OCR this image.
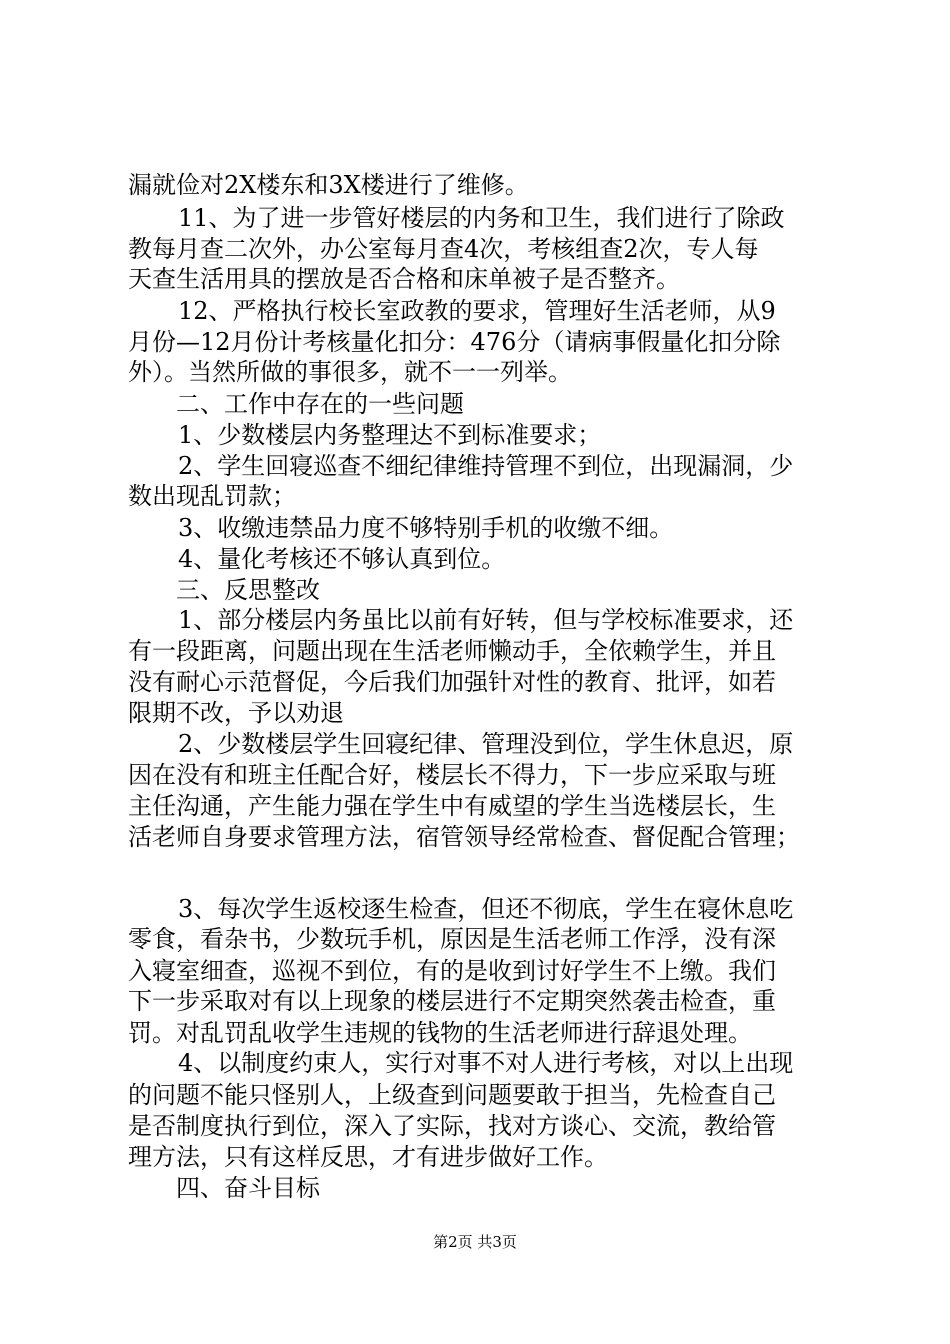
漏就俭对2X楼东和3X楼进行了维修。
11、为了进一步管好楼层的内务和卫生，我们进行了除政
教每月查二次外，办公室每月查4次，考核组查2次，专人每
天查生活用具的摆放是否合格和床单被子是否整齐。
12、严格执行校长室政教的要求，管理好生活老师，从9
月份—12月份计考核量化扣分：476分（请病事假量化扣分除
外）。当然所做的事很多，就不一一列举。
二、工作中存在的一些问题
1、少数楼层内务整理达不到标准要求；
2、学生回寝巡查不细纪律维持管理不到位，出现漏洞，少
数出现乱罚款；
3、收缴违禁品力度不够特别手机的收缴不细。
4、量化考核还不够认真到位。
三、反思整改
1、部分楼层内务虽比以前有好转，但与学校标准要求，还
有一段距离，问题出现在生活老师懒动手，全依赖学生，并且
没有耐心示范督促，今后我们加强针对性的教育、批评，如若
限期不改，予以劝退
2、少数楼层学生回寝纪律、管理没到位，学生休息迟，原
因在没有和班主任配合好，楼层长不得力，下一步应采取与班
主任沟通，产生能力强在学生中有威望的学生当选楼层长，生
活老师自身要求管理方法，宿管领导经常检查、督促配合管理；
3、每次学生返校逐生检查，但还不彻底，学生在寝休息吃
零食，看杂书，少数玩手机，原因是生活老师工作浮，没有深
入寝室细查，巡视不到位，有的是收到讨好学生不上缴。我们
下一步采取对有以上现象的楼层进行不定期突然袭击检查，重
罚。对乱罚乱收学生违规的钱物的生活老师进行辞退处理。
4、以制度约束人，实行对事不对人进行考核，对以上出现
的问题不能只怪别人，上级查到问题要敢于担当，先检查自己
是否制度执行到位，深入了实际，找对方谈心、交流，教给管
理方法，只有这样反思，才有进步做好工作。
四、奋斗目标
第2页 共3页
